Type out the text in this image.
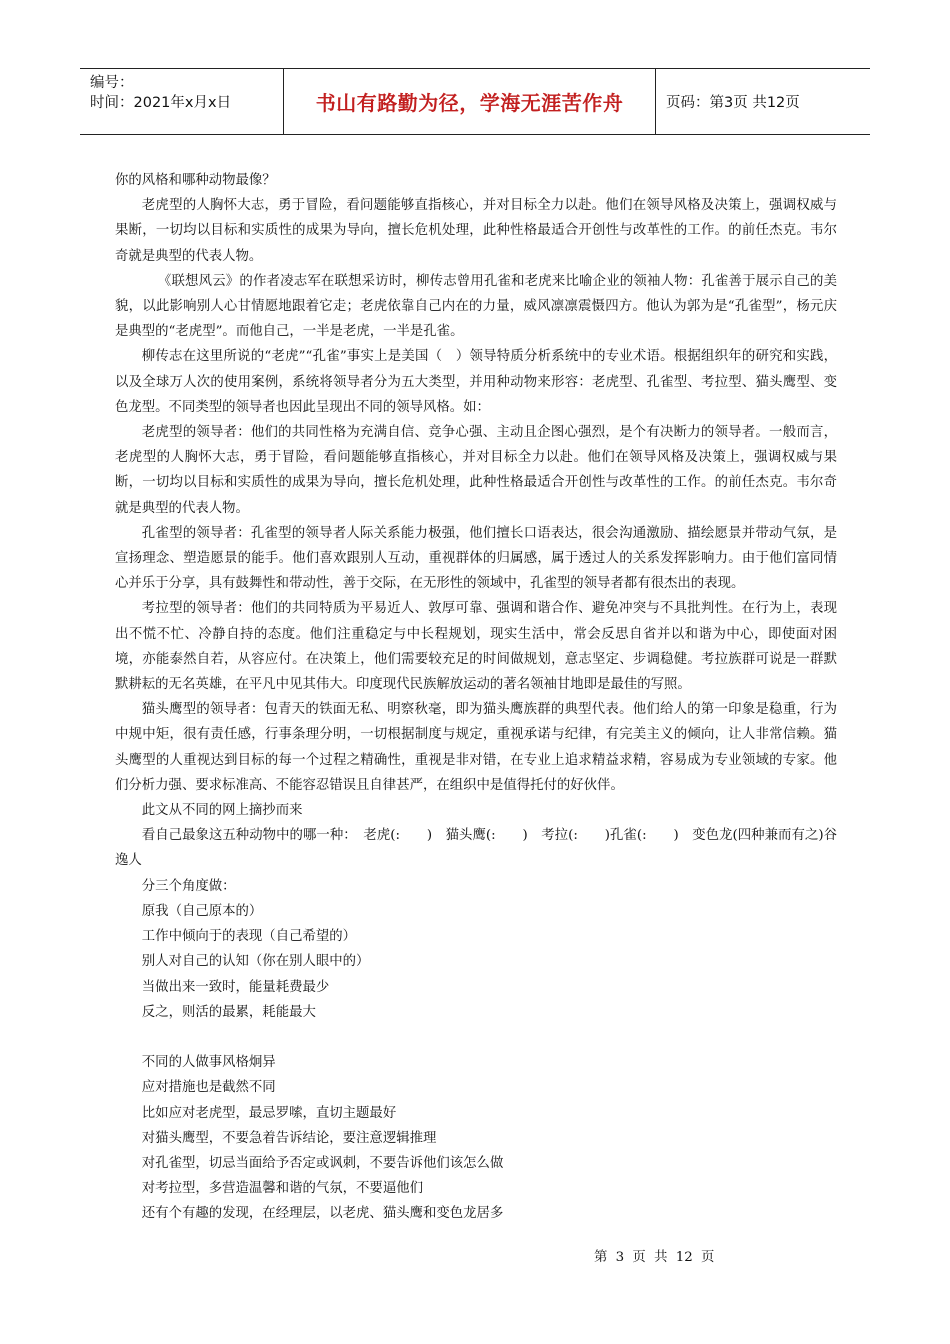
编号：
时间：2021年x月x日	书山有路勤为径，学海无涯苦作舟	页码：第3页 共12页

你的风格和哪种动物最像？

老虎型的人胸怀大志，勇于冒险，看问题能够直指核心，并对目标全力以赴。他们在领导风格及决策上，强调权威与果断，一切均以目标和实质性的成果为导向，擅长危机处理，此种性格最适合开创性与改革性的工作。的前任杰克。韦尔奇就是典型的代表人物。

《联想风云》的作者凌志军在联想采访时，柳传志曾用孔雀和老虎来比喻企业的领袖人物：孔雀善于展示自己的美貌，以此影响别人心甘情愿地跟着它走；老虎依靠自己内在的力量，威风凛凛震慑四方。他认为郭为是“孔雀型”，杨元庆是典型的“老虎型”。而他自己，一半是老虎，一半是孔雀。

柳传志在这里所说的“老虎”“孔雀”事实上是美国（　）领导特质分析系统中的专业术语。根据组织年的研究和实践，以及全球万人次的使用案例，系统将领导者分为五大类型，并用种动物来形容：老虎型、孔雀型、考拉型、猫头鹰型、变色龙型。不同类型的领导者也因此呈现出不同的领导风格。如：

老虎型的领导者：他们的共同性格为充满自信、竞争心强、主动且企图心强烈，是个有决断力的领导者。一般而言，老虎型的人胸怀大志，勇于冒险，看问题能够直指核心，并对目标全力以赴。他们在领导风格及决策上，强调权威与果断，一切均以目标和实质性的成果为导向，擅长危机处理，此种性格最适合开创性与改革性的工作。的前任杰克。韦尔奇就是典型的代表人物。

孔雀型的领导者：孔雀型的领导者人际关系能力极强，他们擅长口语表达，很会沟通激励、描绘愿景并带动气氛，是宣扬理念、塑造愿景的能手。他们喜欢跟别人互动，重视群体的归属感，属于透过人的关系发挥影响力。由于他们富同情心并乐于分享，具有鼓舞性和带动性，善于交际，在无形性的领域中，孔雀型的领导者都有很杰出的表现。

考拉型的领导者：他们的共同特质为平易近人、敦厚可靠、强调和谐合作、避免冲突与不具批判性。在行为上，表现出不慌不忙、冷静自持的态度。他们注重稳定与中长程规划，现实生活中，常会反思自省并以和谐为中心，即使面对困境，亦能泰然自若，从容应付。在决策上，他们需要较充足的时间做规划，意志坚定、步调稳健。考拉族群可说是一群默默耕耘的无名英雄，在平凡中见其伟大。印度现代民族解放运动的著名领袖甘地即是最佳的写照。

猫头鹰型的领导者：包青天的铁面无私、明察秋毫，即为猫头鹰族群的典型代表。他们给人的第一印象是稳重，行为中规中矩，很有责任感，行事条理分明，一切根据制度与规定，重视承诺与纪律，有完美主义的倾向，让人非常信赖。猫头鹰型的人重视达到目标的每一个过程之精确性，重视是非对错，在专业上追求精益求精，容易成为专业领域的专家。他们分析力强、要求标准高、不能容忍错误且自律甚严，在组织中是值得托付的好伙伴。

此文从不同的网上摘抄而来

看自己最象这五种动物中的哪一种：　老虎(:　　)　猫头鹰(:　　)　考拉(:　　)孔雀(:　　)　变色龙(四种兼而有之)谷逸人

分三个角度做：

原我（自己原本的）

工作中倾向于的表现（自己希望的）

别人对自己的认知（你在别人眼中的）

当做出来一致时，能量耗费最少

反之，则活的最累，耗能最大

不同的人做事风格炯异

应对措施也是截然不同

比如应对老虎型，最忌罗嗦，直切主题最好

对猫头鹰型，不要急着告诉结论，要注意逻辑推理

对孔雀型，切忌当面给予否定或讽刺，不要告诉他们该怎么做

对考拉型，多营造温馨和谐的气氛，不要逼他们

还有个有趣的发现，在经理层，以老虎、猫头鹰和变色龙居多

第 3 页 共 12 页
